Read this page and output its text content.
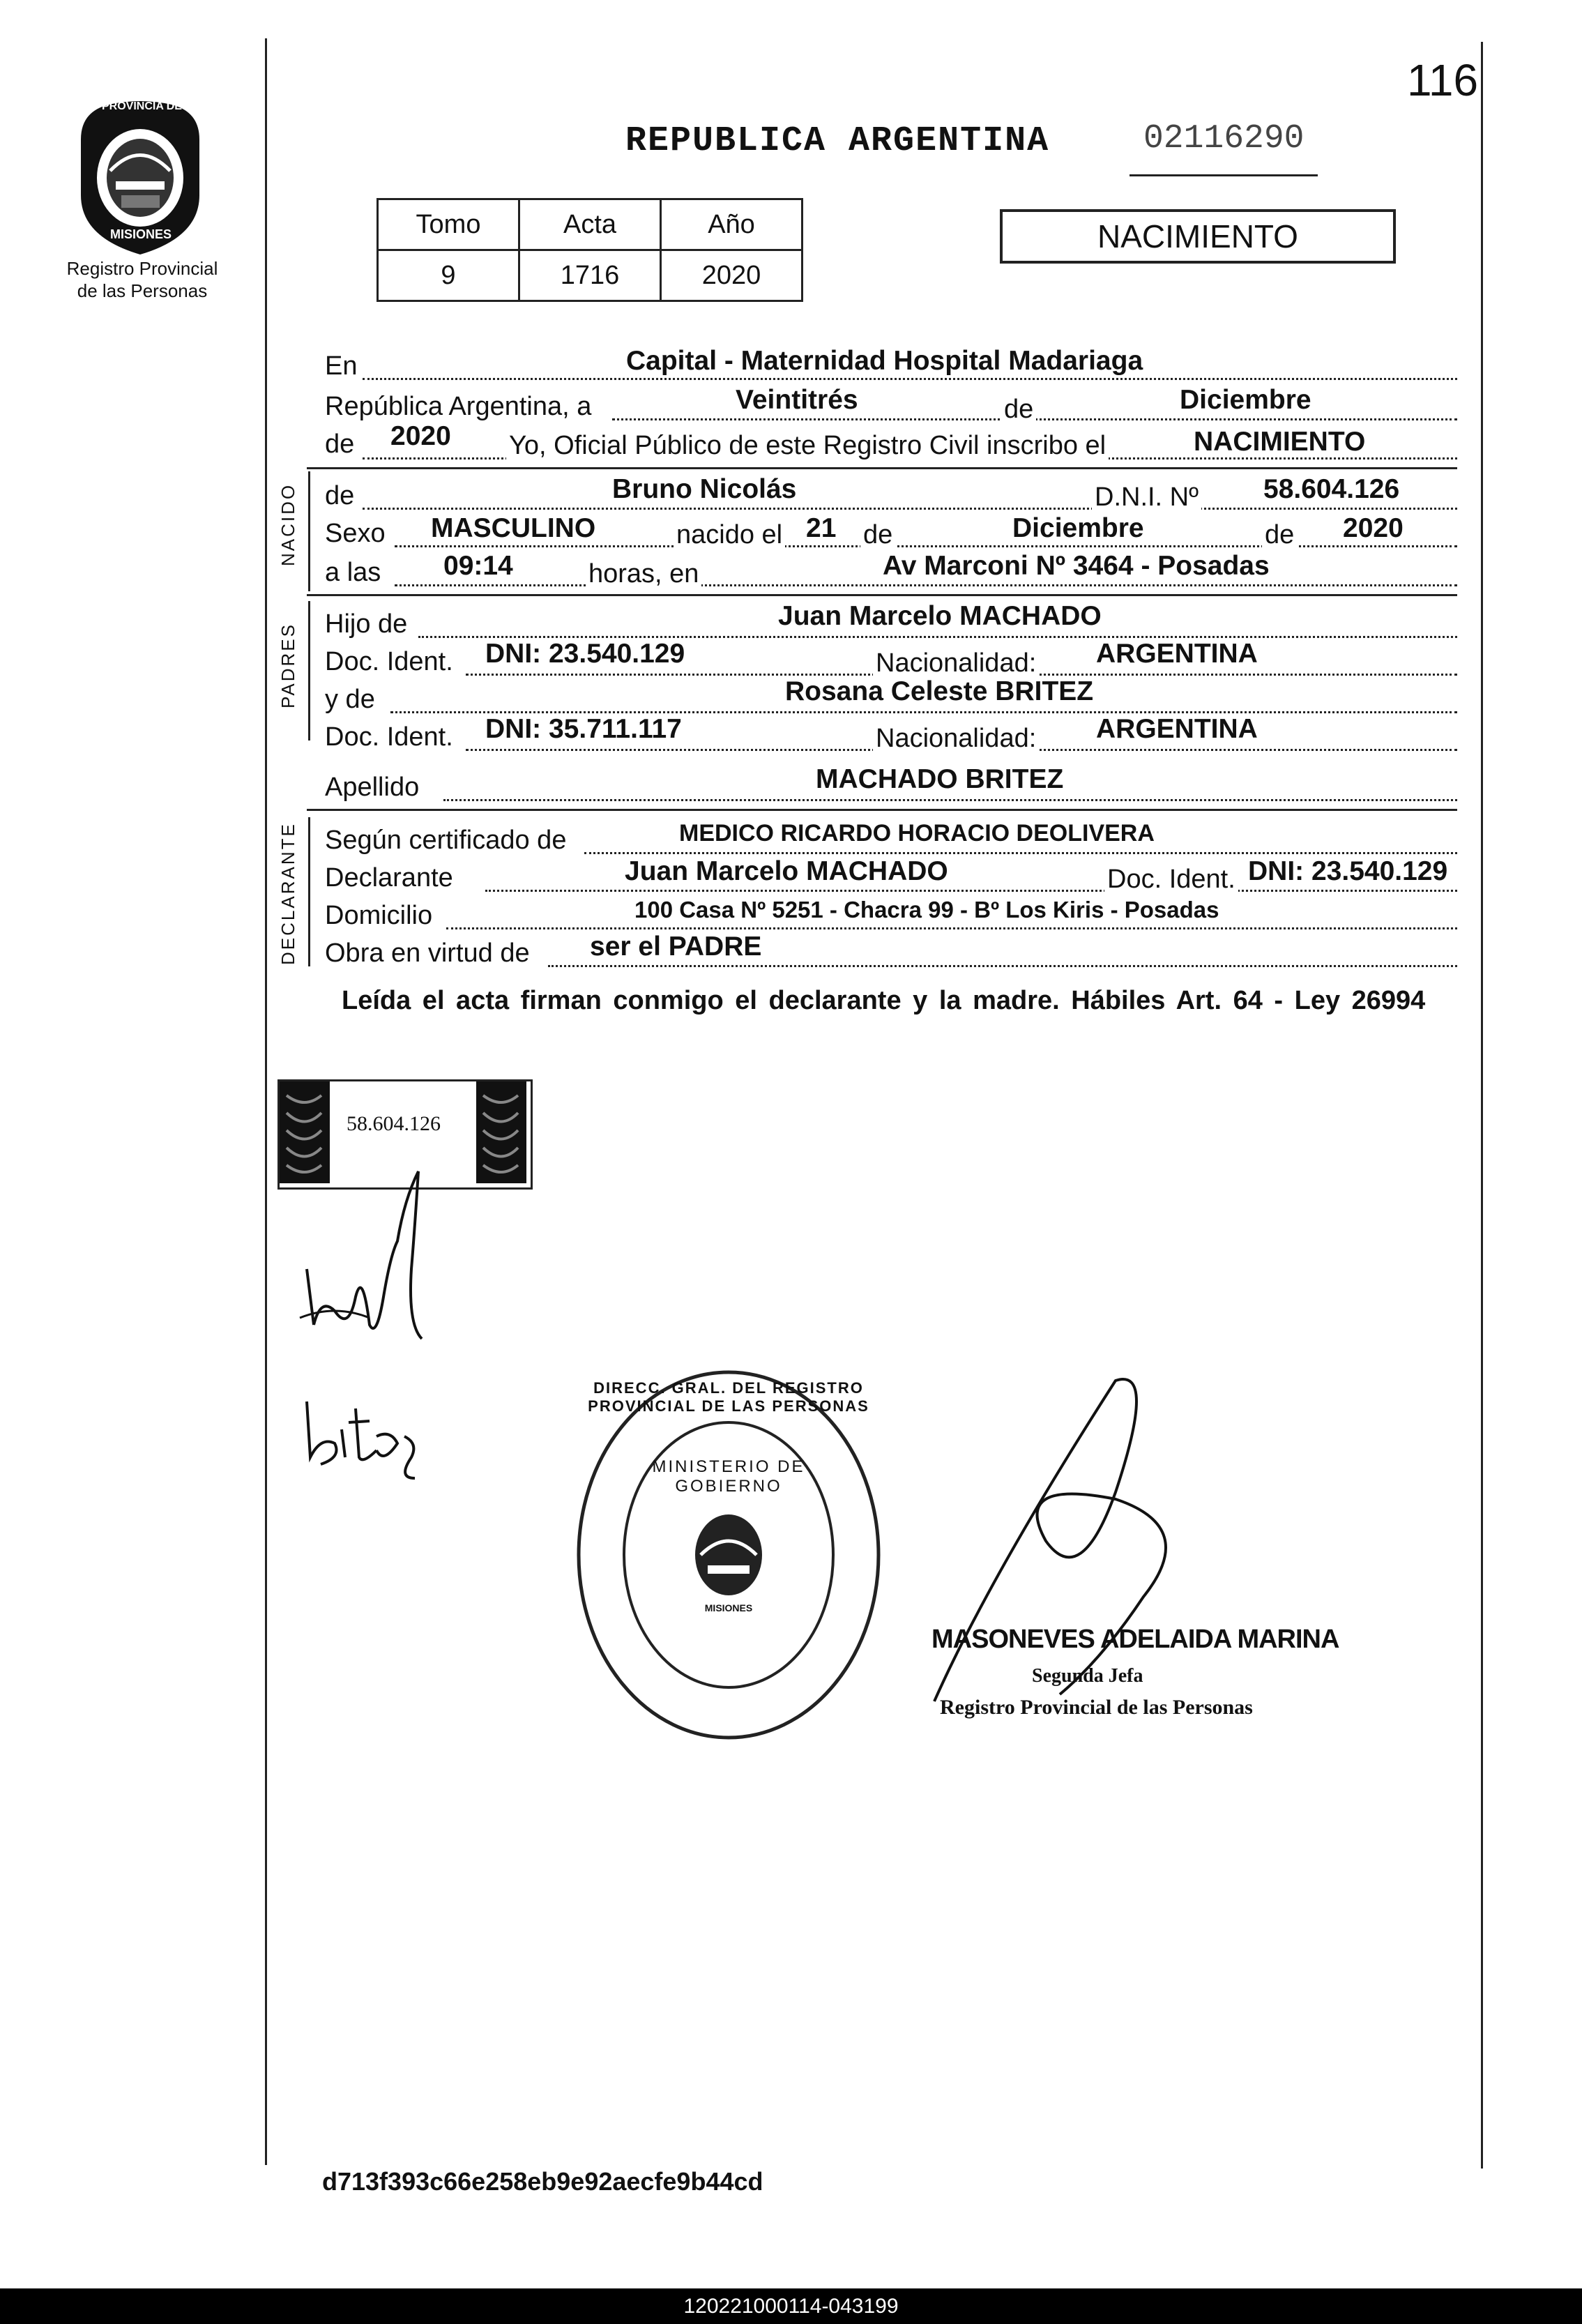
116
PROVINCIA DE
MISIONES
Registro Provincial
de las Personas
REPUBLICA ARGENTINA	02116290
Tomo	Acta	Año
9	1716	2020
NACIMIENTO
En	Capital - Maternidad Hospital Madariaga
República Argentina, a	Veintitrés	de	Diciembre
de 2020 Yo, Oficial Público de este Registro Civil inscribo el	NACIMIENTO
NACIDO de	Bruno Nicolás	D.N.I. Nº 58.604.126
Sexo MASCULINO	nacido el 21 de	Diciembre	de 2020
a las 09:14	horas, en	Av Marconi Nº 3464 - Posadas
PADRES Hijo de	Juan Marcelo MACHADO
Doc. Ident. DNI: 23.540.129	Nacionalidad: ARGENTINA
y de	Rosana Celeste BRITEZ
Doc. Ident. DNI: 35.711.117	Nacionalidad: ARGENTINA
Apellido	MACHADO BRITEZ
DECLARANTE Según certificado de	MEDICO RICARDO HORACIO DEOLIVERA
Declarante	Juan Marcelo MACHADO	Doc. Ident. DNI: 23.540.129
Domicilio	100 Casa Nº 5251 - Chacra 99 - Bº Los Kiris - Posadas
Obra en virtud de ser el PADRE
Leída el acta firman conmigo el declarante y la madre. Hábiles Art. 64 - Ley 26994
58.604.126
DIRECC. GRAL. DEL REGISTRO PROVINCIAL DE LAS PERSONAS
MINISTERIO DE GOBIERNO
MISIONES
MASONEVES ADELAIDA MARINA
Segunda Jefa
Registro Provincial de las Personas
d713f393c66e258eb9e92aecfe9b44cd
120221000114-043199
